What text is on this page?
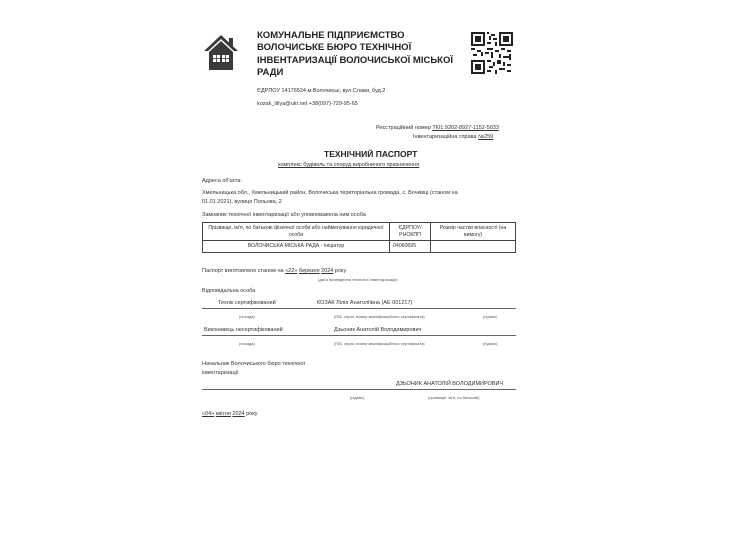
КОМУНАЛЬНЕ ПІДПРИЄМСТВО
ВОЛОЧИСЬКЕ БЮРО ТЕХНІЧНОЇ
ІНВЕНТАРИЗАЦІЇ ВОЛОЧИСЬКОЇ МІСЬКОЇ
РАДИ
ЄДРПОУ 14176524 м.Волочиськ, вул.Слави, буд.2
kozak_liliya@ukr.net +38(097)-729-95-65
Реєстраційний номер ТІ01:9202-8927-1152-5033
Інвентаризаційна справа №259
ТЕХНІЧНИЙ ПАСПОРТ
комплекс будівель та споруд виробничого призначення
Адреса об'єкта:
Хмельницька обл., Хмельницький район, Волочиська територіальна громада, с. Вочківці (станом на
01.01.2021), вулиця Польова, 2
Замовник технічної інвентаризації або уповноважена ним особа
Прізвище, ім'я, по батькові фізичної особи або найменування юридичної особи	ЄДРПОУ/ РНОКПП	Розмір частки власності (на вимогу)
ВОЛОЧИСЬКА МІСЬКА РАДА - Ініціатор	04060695	
Паспорт виготовлено станом на «22» березня 2024 року
(дата проведення технічної інвентаризації)
Відповідальна особа
Технік сертифікований	КОЗАК Лілія Анатоліївна (АЕ 001217)
(посада)	(ПІБ, серія, номер кваліфікаційного сертифіката)	(підпис)
Виконавець несертифікований	Дзьоник Анатолій Володимирович
(посада)	(ПІБ, серія, номер кваліфікаційного сертифіката)	(підпис)
Начальник Волочиського бюро технічної
інвентаризації
ДЗЬОНИК АНАТОЛІЙ ВОЛОДИМИРОВИЧ
(підпис)	(прізвище, ім'я, по батькові)
«04» квітня 2024 року
